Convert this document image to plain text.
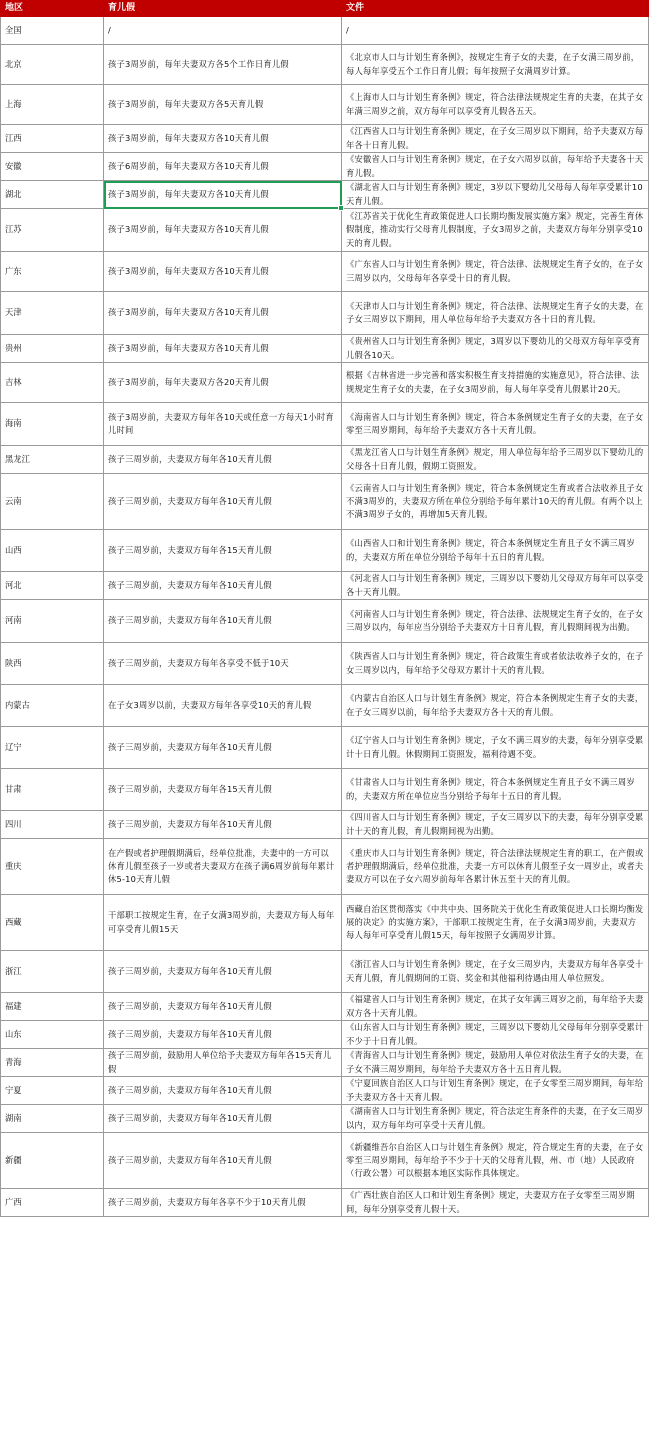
地区	育儿假	文件
全国	/	/
北京	孩子3周岁前，每年夫妻双方各5个工作日育儿假	《北京市人口与计划生育条例》，按规定生育子女的夫妻，在子女满三周岁前，每人每年享受五个工作日育儿假；每年按照子女满周岁计算。
上海	孩子3周岁前，每年夫妻双方各5天育儿假	《上海市人口与计划生育条例》规定，符合法律法规规定生育的夫妻，在其子女年满三周岁之前，双方每年可以享受育儿假各五天。
江西	孩子3周岁前，每年夫妻双方各10天育儿假	《江西省人口与计划生育条例》规定，在子女三周岁以下期间，给予夫妻双方每年各十日育儿假。
安徽	孩子6周岁前，每年夫妻双方各10天育儿假	《安徽省人口与计划生育条例》规定，在子女六周岁以前，每年给予夫妻各十天育儿假。
湖北	孩子3周岁前，每年夫妻双方各10天育儿假	《湖北省人口与计划生育条例》规定，3岁以下婴幼儿父母每人每年享受累计10天育儿假。
江苏	孩子3周岁前，每年夫妻双方各10天育儿假	《江苏省关于优化生育政策促进人口长期均衡发展实施方案》规定，完善生育休假制度，推动实行父母育儿假制度，子女3周岁之前，夫妻双方每年分别享受10天的育儿假。
广东	孩子3周岁前，每年夫妻双方各10天育儿假	《广东省人口与计划生育条例》规定，符合法律、法规规定生育子女的，在子女三周岁以内，父母每年各享受十日的育儿假。
天津	孩子3周岁前，每年夫妻双方各10天育儿假	《天津市人口与计划生育条例》规定，符合法律、法规规定生育子女的夫妻，在子女三周岁以下期间，用人单位每年给予夫妻双方各十日的育儿假。
贵州	孩子3周岁前，每年夫妻双方各10天育儿假	《贵州省人口与计划生育条例》规定，3周岁以下婴幼儿的父母双方每年享受育儿假各10天。
吉林	孩子3周岁前，每年夫妻双方各20天育儿假	根据《吉林省进一步完善和落实积极生育支持措施的实施意见》，符合法律、法规规定生育子女的夫妻，在子女3周岁前，每人每年享受育儿假累计20天。
海南	孩子3周岁前，夫妻双方每年各10天或任意一方每天1小时育儿时间	《海南省人口与计划生育条例》规定，符合本条例规定生育子女的夫妻，在子女零至三周岁期间，每年给予夫妻双方各十天育儿假。
黑龙江	孩子三周岁前，夫妻双方每年各10天育儿假	《黑龙江省人口与计划生育条例》规定，用人单位每年给予三周岁以下婴幼儿的父母各十日育儿假，假期工资照发。
云南	孩子三周岁前，夫妻双方每年各10天育儿假	《云南省人口与计划生育条例》规定，符合本条例规定生育或者合法收养且子女不满3周岁的，夫妻双方所在单位分别给予每年累计10天的育儿假。有两个以上不满3周岁子女的，再增加5天育儿假。
山西	孩子三周岁前，夫妻双方每年各15天育儿假	《山西省人口和计划生育条例》规定，符合本条例规定生育且子女不满三周岁的，夫妻双方所在单位分别给予每年十五日的育儿假。
河北	孩子三周岁前，夫妻双方每年各10天育儿假	《河北省人口与计划生育条例》规定，三周岁以下婴幼儿父母双方每年可以享受各十天育儿假。
河南	孩子三周岁前，夫妻双方每年各10天育儿假	《河南省人口与计划生育条例》规定，符合法律、法规规定生育子女的，在子女三周岁以内，每年应当分别给予夫妻双方十日育儿假，育儿假期间视为出勤。
陕西	孩子三周岁前，夫妻双方每年各享受不低于10天	《陕西省人口与计划生育条例》规定，符合政策生育或者依法收养子女的，在子女三周岁以内，每年给予父母双方累计十天的育儿假。
内蒙古	在子女3周岁以前，夫妻双方每年各享受10天的育儿假	《内蒙古自治区人口与计划生育条例》规定，符合本条例规定生育子女的夫妻，在子女三周岁以前，每年给予夫妻双方各十天的育儿假。
辽宁	孩子三周岁前，夫妻双方每年各10天育儿假	《辽宁省人口与计划生育条例》规定，子女不满三周岁的夫妻，每年分别享受累计十日育儿假。休假期间工资照发，福利待遇不变。
甘肃	孩子三周岁前，夫妻双方每年各15天育儿假	《甘肃省人口与计划生育条例》规定，符合本条例规定生育且子女不满三周岁的，夫妻双方所在单位应当分别给予每年十五日的育儿假。
四川	孩子三周岁前，夫妻双方每年各10天育儿假	《四川省人口与计划生育条例》规定，子女三周岁以下的夫妻，每年分别享受累计十天的育儿假，育儿假期间视为出勤。
重庆	在产假或者护理假期满后，经单位批准，夫妻中的一方可以休育儿假至孩子一岁或者夫妻双方在孩子满6周岁前每年累计休5-10天育儿假	《重庆市人口与计划生育条例》规定，符合法律法规规定生育的职工，在产假或者护理假期满后，经单位批准，夫妻一方可以休育儿假至子女一周岁止，或者夫妻双方可以在子女六周岁前每年各累计休五至十天的育儿假。
西藏	干部职工按规定生育，在子女满3周岁前，夫妻双方每人每年可享受育儿假15天	西藏自治区贯彻落实《中共中央、国务院关于优化生育政策促进人口长期均衡发展的决定》的实施方案》，干部职工按规定生育，在子女满3周岁前，夫妻双方每人每年可享受育儿假15天，每年按照子女满周岁计算。
浙江	孩子三周岁前，夫妻双方每年各10天育儿假	《浙江省人口与计划生育条例》规定，在子女三周岁内，夫妻双方每年各享受十天育儿假，育儿假期间的工资、奖金和其他福利待遇由用人单位照发。
福建	孩子三周岁前，夫妻双方每年各10天育儿假	《福建省人口与计划生育条例》规定，在其子女年满三周岁之前，每年给予夫妻双方各十天育儿假。
山东	孩子三周岁前，夫妻双方每年各10天育儿假	《山东省人口与计划生育条例》规定，三周岁以下婴幼儿父母每年分别享受累计不少于十日育儿假。
青海	孩子三周岁前，鼓励用人单位给予夫妻双方每年各15天育儿假	《青海省人口与计划生育条例》规定，鼓励用人单位对依法生育子女的夫妻，在子女不满三周岁期间，每年给予夫妻双方各十五日育儿假。
宁夏	孩子三周岁前，夫妻双方每年各10天育儿假	《宁夏回族自治区人口与计划生育条例》规定，在子女零至三周岁期间，每年给予夫妻双方各十天育儿假。
湖南	孩子三周岁前，夫妻双方每年各10天育儿假	《湖南省人口与计划生育条例》规定，符合法定生育条件的夫妻，在子女三周岁以内，双方每年均可享受十天育儿假。
新疆	孩子三周岁前，夫妻双方每年各10天育儿假	《新疆维吾尔自治区人口与计划生育条例》规定，符合规定生育的夫妻，在子女零至三周岁期间，每年给予不少于十天的父母育儿假，州、市（地）人民政府（行政公署）可以根据本地区实际作具体规定。
广西	孩子三周岁前，夫妻双方每年各享不少于10天育儿假	《广西壮族自治区人口和计划生育条例》规定，夫妻双方在子女零至三周岁期间，每年分别享受育儿假十天。
